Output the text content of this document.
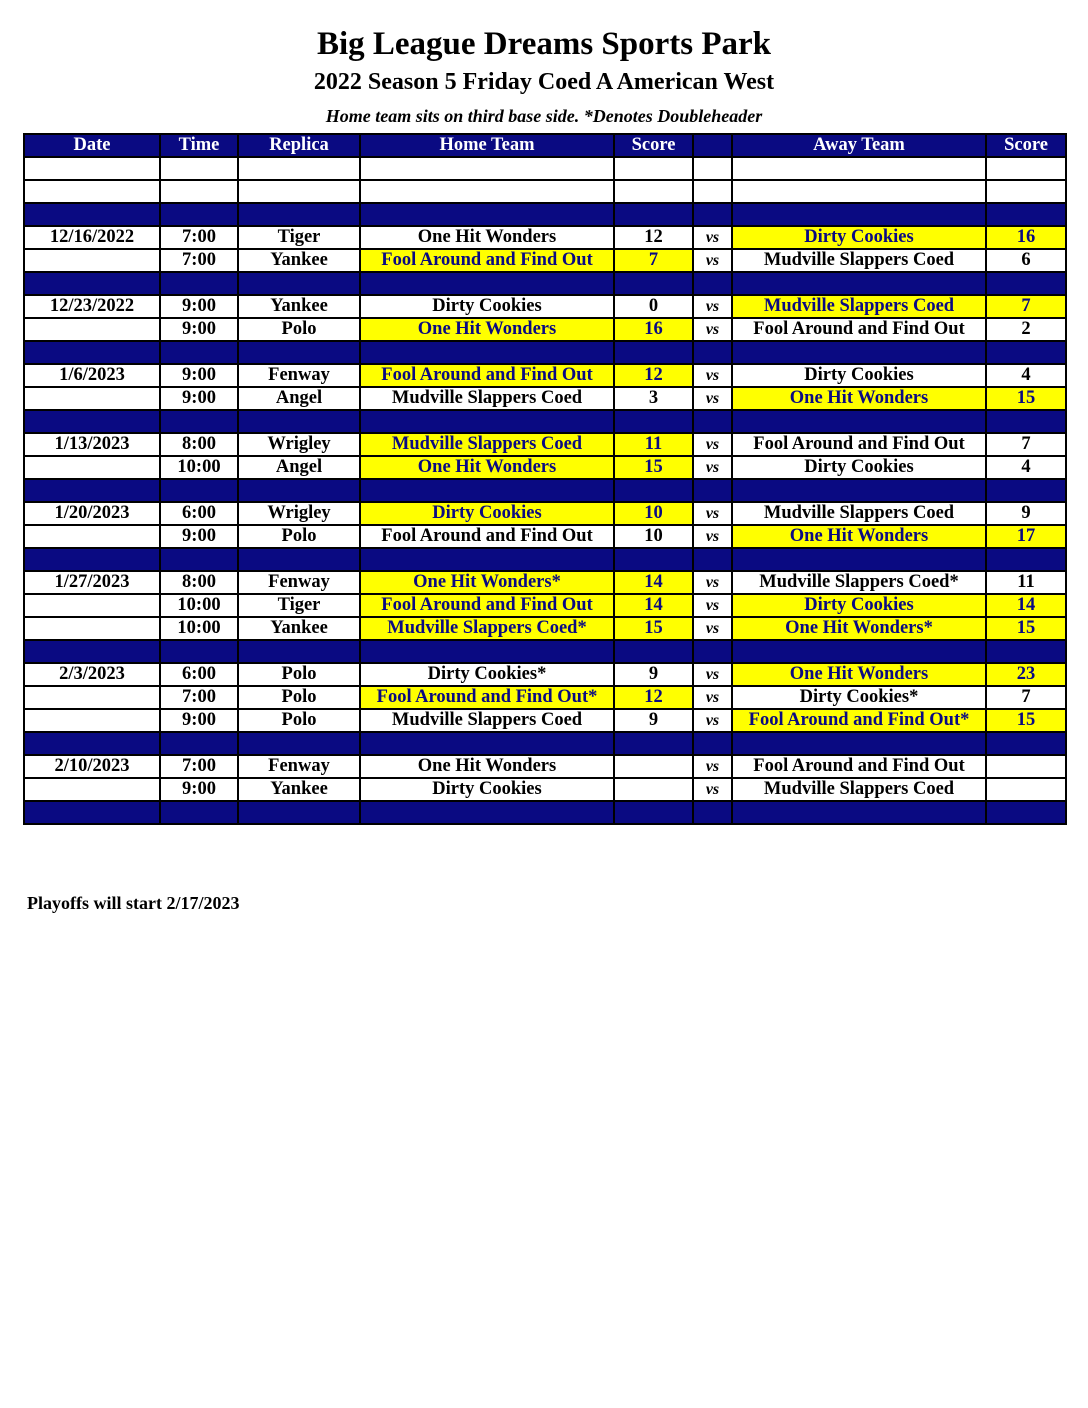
Big League Dreams Sports Park
2022 Season 5 Friday Coed A American West

Home team sits on third base side. *Denotes Doubleheader

Date	Time	Replica	Home Team	Score		Away Team	Score

12/16/2022	7:00	Tiger	One Hit Wonders	12	vs	Dirty Cookies	16
	7:00	Yankee	Fool Around and Find Out	7	vs	Mudville Slappers Coed	6

12/23/2022	9:00	Yankee	Dirty Cookies	0	vs	Mudville Slappers Coed	7
	9:00	Polo	One Hit Wonders	16	vs	Fool Around and Find Out	2

1/6/2023	9:00	Fenway	Fool Around and Find Out	12	vs	Dirty Cookies	4
	9:00	Angel	Mudville Slappers Coed	3	vs	One Hit Wonders	15

1/13/2023	8:00	Wrigley	Mudville Slappers Coed	11	vs	Fool Around and Find Out	7
	10:00	Angel	One Hit Wonders	15	vs	Dirty Cookies	4

1/20/2023	6:00	Wrigley	Dirty Cookies	10	vs	Mudville Slappers Coed	9
	9:00	Polo	Fool Around and Find Out	10	vs	One Hit Wonders	17

1/27/2023	8:00	Fenway	One Hit Wonders*	14	vs	Mudville Slappers Coed*	11
	10:00	Tiger	Fool Around and Find Out	14	vs	Dirty Cookies	14
	10:00	Yankee	Mudville Slappers Coed*	15	vs	One Hit Wonders*	15

2/3/2023	6:00	Polo	Dirty Cookies*	9	vs	One Hit Wonders	23
	7:00	Polo	Fool Around and Find Out*	12	vs	Dirty Cookies*	7
	9:00	Polo	Mudville Slappers Coed	9	vs	Fool Around and Find Out*	15

2/10/2023	7:00	Fenway	One Hit Wonders		vs	Fool Around and Find Out	
	9:00	Yankee	Dirty Cookies		vs	Mudville Slappers Coed	

Playoffs will start 2/17/2023
